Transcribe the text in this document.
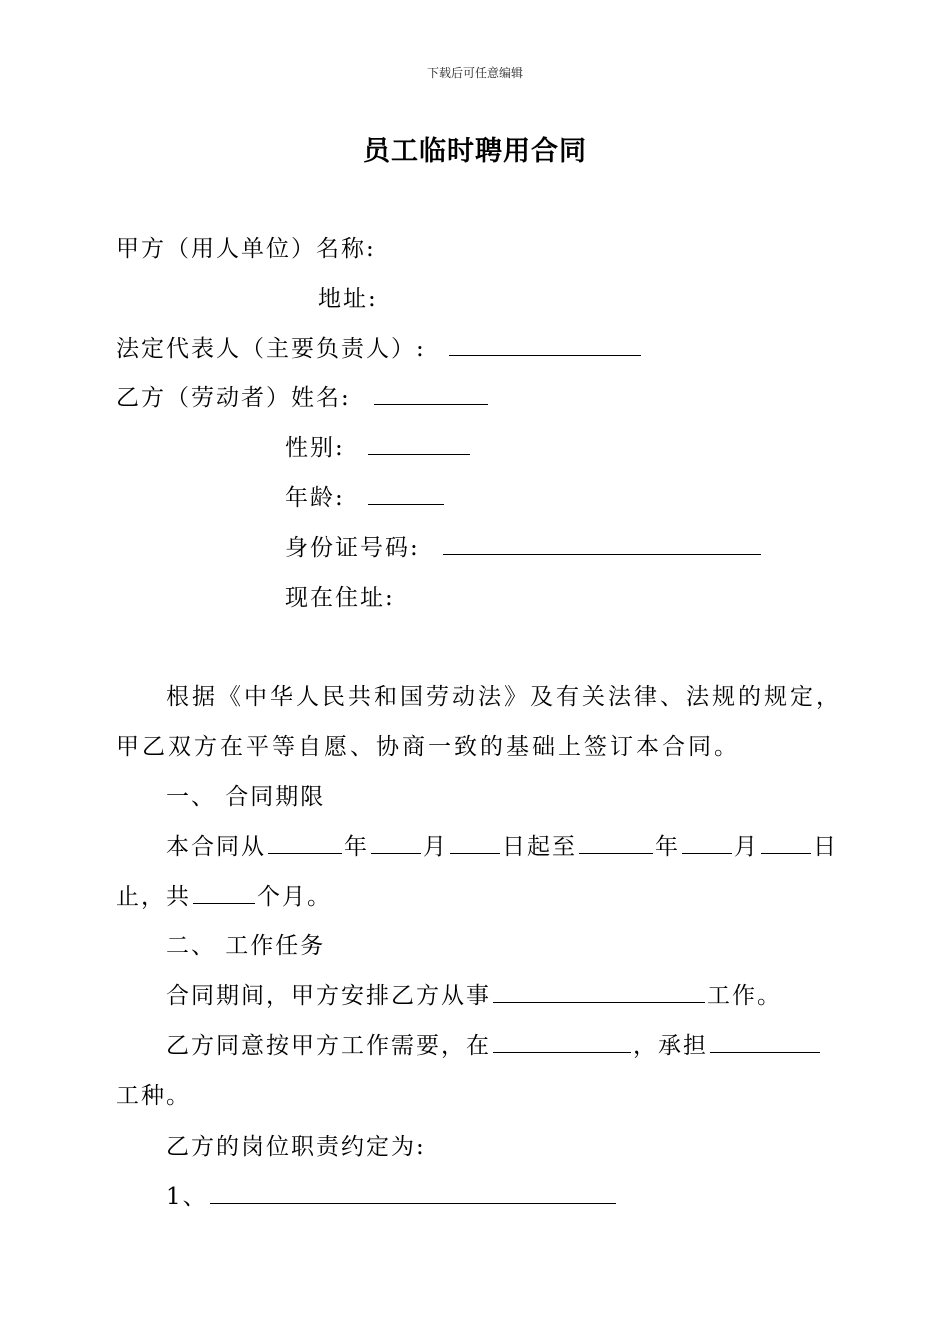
下载后可任意编辑
员工临时聘用合同
甲方（用人单位）名称:
地址:
法定代表人（主要负责人）:
乙方（劳动者）姓名:
性别:
年龄:
身份证号码:
现在住址:
根据《中华人民共和国劳动法》及有关法律、法规的规定，
甲乙双方在平等自愿、协商一致的基础上签订本合同。
一、 合同期限
本合同从	年 月 日起至	年 月 日
止，共	个月。
二、 工作任务
合同期间，甲方安排乙方从事	工作。
乙方同意按甲方工作需要，在	，承担
工种。
乙方的岗位职责约定为:
1、
